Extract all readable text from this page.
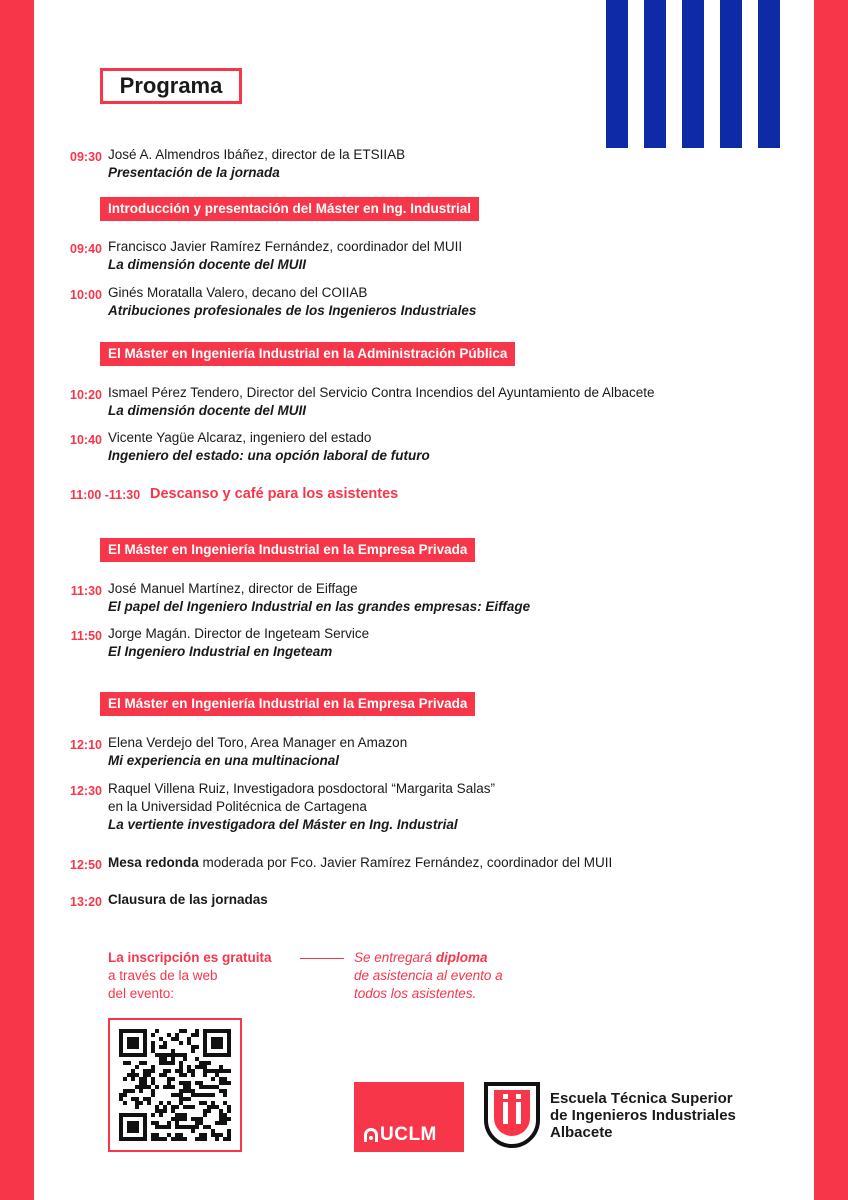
Programa
09:30 José A. Almendros Ibáñez, director de la ETSIIAB
Presentación de la jornada
Introducción y presentación del Máster en Ing. Industrial
09:40 Francisco Javier Ramírez Fernández, coordinador del MUII
La dimensión docente del MUII
10:00 Ginés Moratalla Valero, decano del COIIAB
Atribuciones profesionales de los Ingenieros Industriales
El Máster en Ingeniería Industrial en la Administración Pública
10:20 Ismael Pérez Tendero, Director del Servicio Contra Incendios del Ayuntamiento de Albacete
La dimensión docente del MUII
10:40 Vicente Yagüe Alcaraz, ingeniero del estado
Ingeniero del estado: una opción laboral de futuro
11:00 -11:30 Descanso y café para los asistentes
El Máster en Ingeniería Industrial en la Empresa Privada
11:30 José Manuel Martínez, director de Eiffage
El papel del Ingeniero Industrial en las grandes empresas: Eiffage
11:50 Jorge Magán. Director de Ingeteam Service
El Ingeniero Industrial en Ingeteam
El Máster en Ingeniería Industrial en la Empresa Privada
12:10 Elena Verdejo del Toro, Area Manager en Amazon
Mi experiencia en una multinacional
12:30 Raquel Villena Ruiz, Investigadora posdoctoral “Margarita Salas”
en la Universidad Politécnica de Cartagena
La vertiente investigadora del Máster en Ing. Industrial
12:50 Mesa redonda moderada por Fco. Javier Ramírez Fernández, coordinador del MUII
13:20 Clausura de las jornadas
La inscripción es gratuita
a través de la web
del evento:
Se entregará diploma
de asistencia al evento a
todos los asistentes.
UCLM
Escuela Técnica Superior
de Ingenieros Industriales
Albacete
